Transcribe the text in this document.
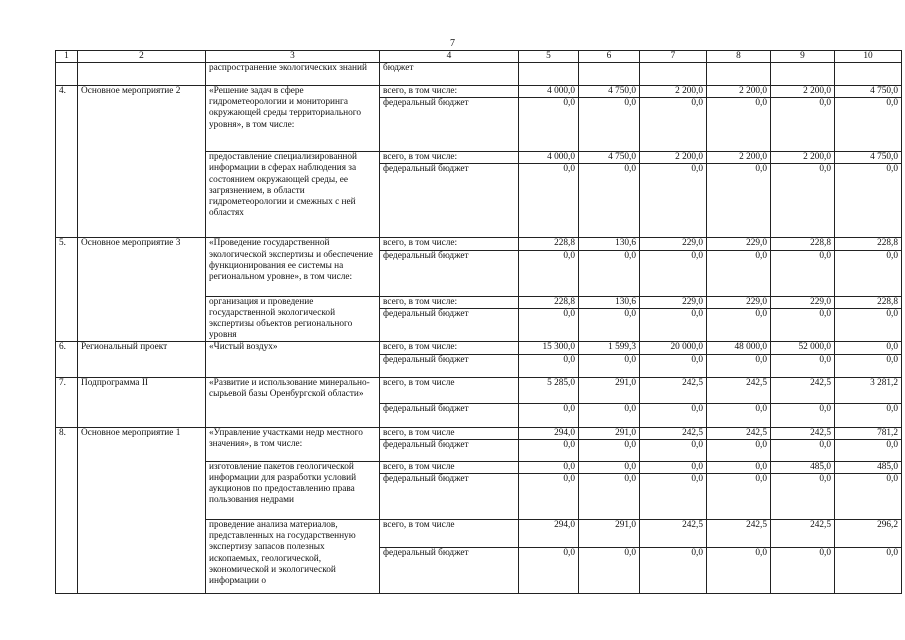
7
1	2	3	4	5	6	7	8	9	10
		распространение экологических знаний	бюджет						
4.	Основное мероприятие 2	«Решение задач в сфере гидрометеорологии и мониторинга окружающей среды территориального уровня», в том числе:	всего, в том числе:	4 000,0	4 750,0	2 200,0	2 200,0	2 200,0	4 750,0
			федеральный бюджет	0,0	0,0	0,0	0,0	0,0	0,0
		предоставление специализированной информации в сферах наблюдения за состоянием окружающей среды, ее загрязнением, в области гидрометеорологии и смежных с ней областях	всего, в том числе:	4 000,0	4 750,0	2 200,0	2 200,0	2 200,0	4 750,0
			федеральный бюджет	0,0	0,0	0,0	0,0	0,0	0,0
5.	Основное мероприятие 3	«Проведение государственной экологической экспертизы и обеспечение функционирования ее системы на региональном уровне», в том числе:	всего, в том числе:	228,8	130,6	229,0	229,0	228,8	228,8
			федеральный бюджет	0,0	0,0	0,0	0,0	0,0	0,0
		организация и проведение государственной экологической экспертизы объектов регионального уровня	всего, в том числе:	228,8	130,6	229,0	229,0	229,0	228,8
			федеральный бюджет	0,0	0,0	0,0	0,0	0,0	0,0
6.	Региональный проект	«Чистый воздух»	всего, в том числе:	15 300,0	1 599,3	20 000,0	48 000,0	52 000,0	0,0
			федеральный бюджет	0,0	0,0	0,0	0,0	0,0	0,0
7.	Подпрограмма II	«Развитие и использование минерально-сырьевой базы Оренбургской области»	всего, в том числе	5 285,0	291,0	242,5	242,5	242,5	3 281,2
			федеральный бюджет	0,0	0,0	0,0	0,0	0,0	0,0
8.	Основное мероприятие 1	«Управление участками недр местного значения», в том числе:	всего, в том числе	294,0	291,0	242,5	242,5	242,5	781,2
			федеральный бюджет	0,0	0,0	0,0	0,0	0,0	0,0
		изготовление пакетов геологической информации для разработки условий аукционов по предоставлению права пользования недрами	всего, в том числе	0,0	0,0	0,0	0,0	485,0	485,0
			федеральный бюджет	0,0	0,0	0,0	0,0	0,0	0,0
		проведение анализа материалов, представленных на государственную экспертизу запасов полезных ископаемых, геологической, экономической и экологической информации о	всего, в том числе	294,0	291,0	242,5	242,5	242,5	296,2
			федеральный бюджет	0,0	0,0	0,0	0,0	0,0	0,0
